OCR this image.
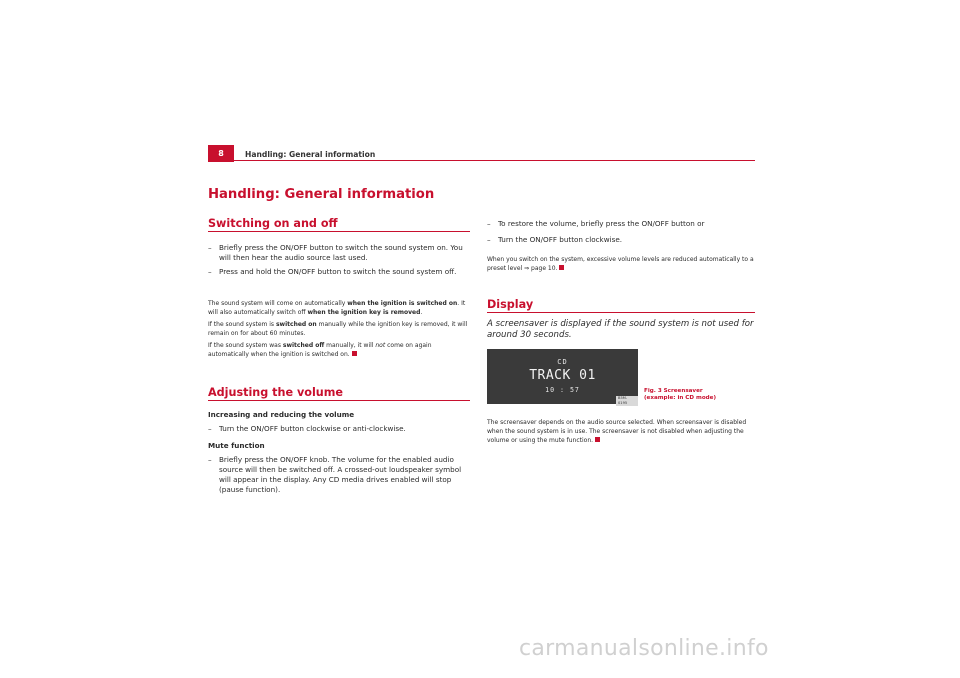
8	Handling: General information
Handling: General information
Switching on and off
– Briefly press the ON/OFF button to switch the sound system on. You will then hear the audio source last used.
– Press and hold the ON/OFF button to switch the sound system off.

The sound system will come on automatically when the ignition is switched on. It will also automatically switch off when the ignition key is removed.

If the sound system is switched on manually while the ignition key is removed, it will remain on for about 60 minutes.

If the sound system was switched off manually, it will not come on again automatically when the ignition is switched on.

Adjusting the volume
Increasing and reducing the volume
– Turn the ON/OFF button clockwise or anti-clockwise.
Mute function
– Briefly press the ON/OFF knob. The volume for the enabled audio source will then be switched off. A crossed-out loudspeaker symbol will appear in the display. Any CD media drives enabled will stop (pause function).
– To restore the volume, briefly press the ON/OFF button or
– Turn the ON/OFF button clockwise.
When you switch on the system, excessive volume levels are reduced automatically to a preset level ⇒ page 10.
Display
A screensaver is displayed if the sound system is not used for around 30 seconds.
CD
TRACK 01
10 : 57
B5M-0195
Fig. 3 Screensaver
(example: in CD mode)
The screensaver depends on the audio source selected. When screensaver is disabled when the sound system is in use. The screensaver is not disabled when adjusting the volume or using the mute function.
carmanualsonline.info
